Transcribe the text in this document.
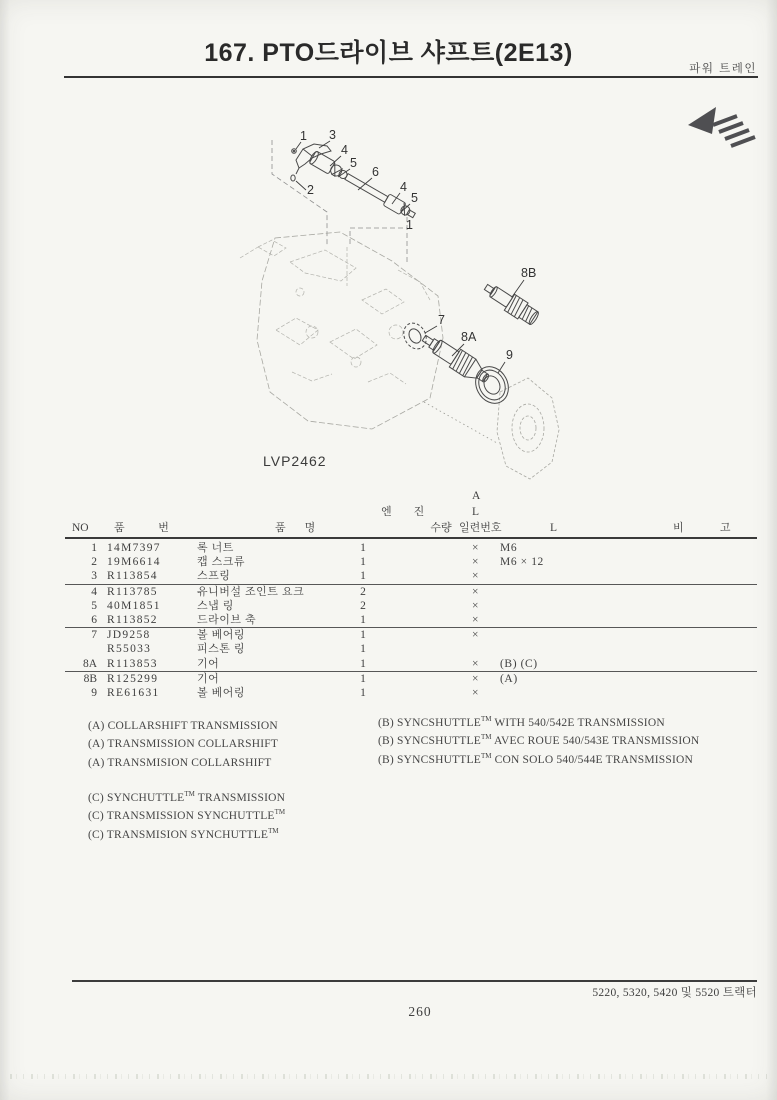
167. PTO드라이브 샤프트(2E13)
파워 트레인
1 3
4
5
6
2	4
5
1
8B
7
8A
9
LVP2462
A
엔 진	L
NO	품 번	품 명	수량 일련번호	L	비 고
1 14M7397	록 너트	1	×	M6
2 19M6614	캡 스크류	1	×	M6 × 12
3 R113854	스프링	1	×
4 R113785	유니버설 조인트 요크	2	×
5 40M1851	스냅 링	2	×
6 R113852	드라이브 축	1	×
7 JD9258	볼 베어링	1	×
R55033	피스톤 링	1
8A R113853	기어	1	×	(B) (C)
8B R125299	기어	1	×	(A)
9 RE61631	볼 베어링	1	×
(A) COLLARSHIFT TRANSMISSION
(A) TRANSMISSION COLLARSHIFT
(A) TRANSMISION COLLARSHIFT
(B) SYNCSHUTTLE™ WITH 540/542E TRANSMISSION
(B) SYNCSHUTTLE™ AVEC ROUE 540/543E TRANSMISSION
(B) SYNCSHUTTLE™ CON SOLO 540/544E TRANSMISSION
(C) SYNCHUTTLE™ TRANSMISSION
(C) TRANSMISSION SYNCHUTTLE™
(C) TRANSMISION SYNCHUTTLE™
5220, 5320, 5420 및 5520 트랙터
260
